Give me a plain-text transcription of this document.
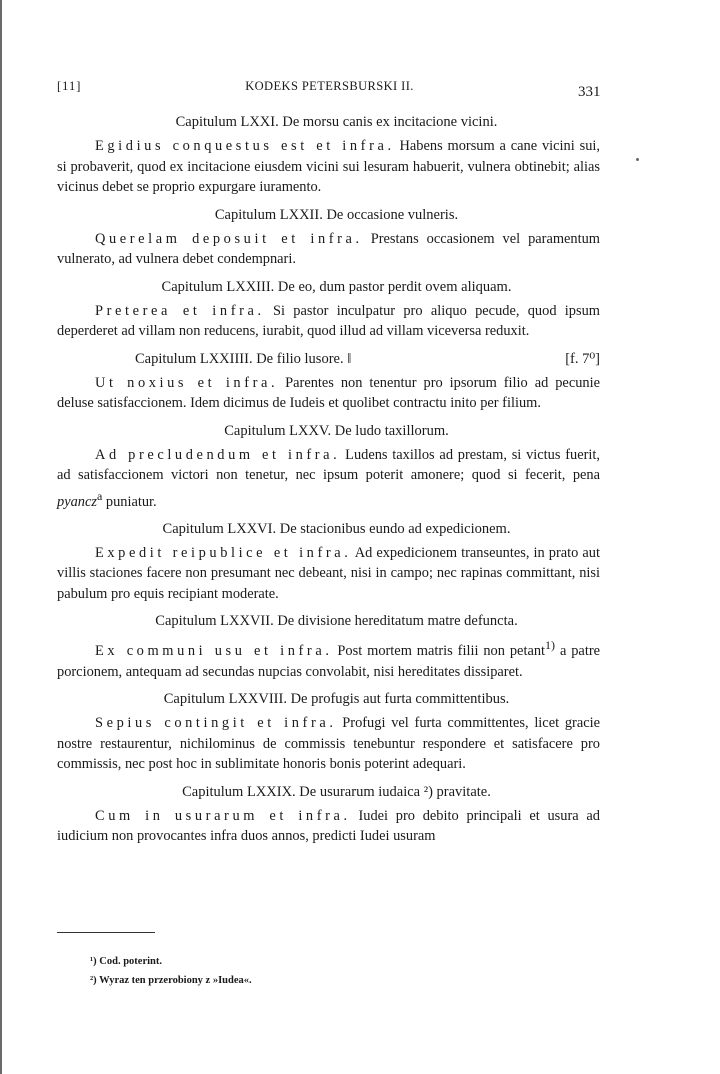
[11]	KODEKS PETERSBURSKI II.	331
Capitulum LXXI. De morsu canis ex incitacione vicini.

Egidius conquestus est et infra. Habens morsum a cane vicini sui, si probaverit, quod ex incitacione eiusdem vicini sui lesuram habuerit, vulnera obtinebit; alias vicinus debet se proprio expurgare iuramento.

Capitulum LXXII. De occasione vulneris.

Querelam deposuit et infra. Prestans occasionem vel paramentum vulnerato, ad vulnera debet condempnari.

Capitulum LXXIII. De eo, dum pastor perdit ovem aliquam.

Preterea et infra. Si pastor inculpatur pro aliquo pecude, quod ipsum deperderet ad villam non reducens, iurabit, quod illud ad villam viceversa reduxit.

Capitulum LXXIIII. De filio lusore. ‖	[f. 7⁰]

Ut noxius et infra. Parentes non tenentur pro ipsorum filio ad pecunie deluse satisfaccionem. Idem dicimus de Iudeis et quolibet contractu inito per filium.

Capitulum LXXV. De ludo taxillorum.

Ad precludendum et infra. Ludens taxillos ad prestam, si victus fuerit, ad satisfaccionem victori non tenetur, nec ipsum poterit amonere; quod si fecerit, pena pyancz$^a$ puniatur.

Capitulum LXXVI. De stacionibus eundo ad expedicionem.

Expedit reipublice et infra. Ad expedicionem transeuntes, in prato aut villis staciones facere non presumant nec debeant, nisi in campo; nec rapinas committant, nisi pabulum pro equis recipiant moderate.

Capitulum LXXVII. De divisione hereditatum matre defuncta.

Ex communi usu et infra. Post mortem matris filii non petant$^{1)}$ a patre porcionem, antequam ad secundas nupcias convolabit, nisi hereditates dissiparet.

Capitulum LXXVIII. De profugis aut furta committentibus.

Sepius contingit et infra. Profugi vel furta committentes, licet gracie nostre restaurentur, nichilominus de commissis tenebuntur respondere et satisfacere pro commissis, nec post hoc in sublimitate honoris bonis poterint adequari.

Capitulum LXXIX. De usurarum iudaica ²) pravitate.

Cum in usurarum et infra. Iudei pro debito principali et usura ad iudicium non provocantes infra duos annos, predicti Iudei usuram

¹) Cod. poterint.
²) Wyraz ten przerobiony z »Iudea«.
